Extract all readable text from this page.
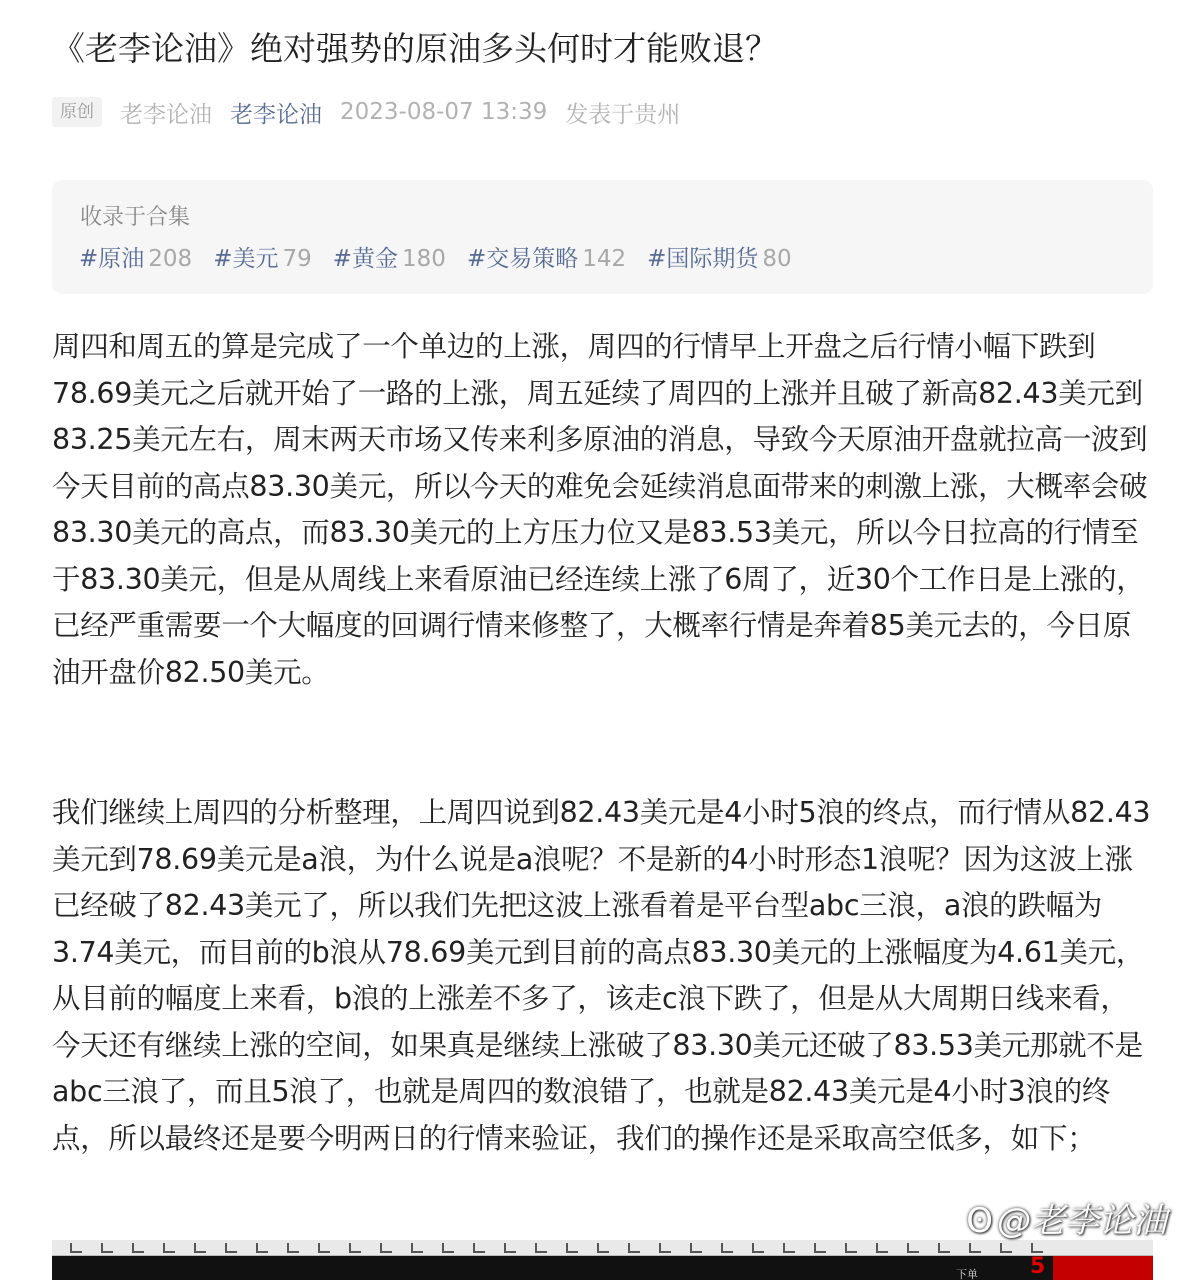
《老李论油》绝对强势的原油多头何时才能败退？
原创	老李论油 老李论油 2023-08-07 13:39 发表于贵州
收录于合集
#原油 208 #美元 79 #黄金 180 #交易策略 142 #国际期货 80

周四和周五的算是完成了一个单边的上涨，周四的行情早上开盘之后行情小幅下跌到78.69美元之后就开始了一路的上涨，周五延续了周四的上涨并且破了新高82.43美元到83.25美元左右，周末两天市场又传来利多原油的消息，导致今天原油开盘就拉高一波到今天目前的高点83.30美元，所以今天的难免会延续消息面带来的刺激上涨，大概率会破83.30美元的高点，而83.30美元的上方压力位又是83.53美元，所以今日拉高的行情至于83.30美元，但是从周线上来看原油已经连续上涨了6周了，近30个工作日是上涨的，已经严重需要一个大幅度的回调行情来修整了，大概率行情是奔着85美元去的，今日原油开盘价82.50美元。

我们继续上周四的分析整理，上周四说到82.43美元是4小时5浪的终点，而行情从82.43美元到78.69美元是a浪，为什么说是a浪呢？不是新的4小时形态1浪呢？因为这波上涨已经破了82.43美元了，所以我们先把这波上涨看着是平台型abc三浪，a浪的跌幅为3.74美元，而目前的b浪从78.69美元到目前的高点83.30美元的上涨幅度为4.61美元，从目前的幅度上来看，b浪的上涨差不多了，该走c浪下跌了，但是从大周期日线来看，今天还有继续上涨的空间，如果真是继续上涨破了83.30美元还破了83.53美元那就不是abc三浪了，而且5浪了，也就是周四的数浪错了，也就是82.43美元是4小时3浪的终点，所以最终还是要今明两日的行情来验证，我们的操作还是采取高空低多，如下；

下单 5
ʘ @老李论油
